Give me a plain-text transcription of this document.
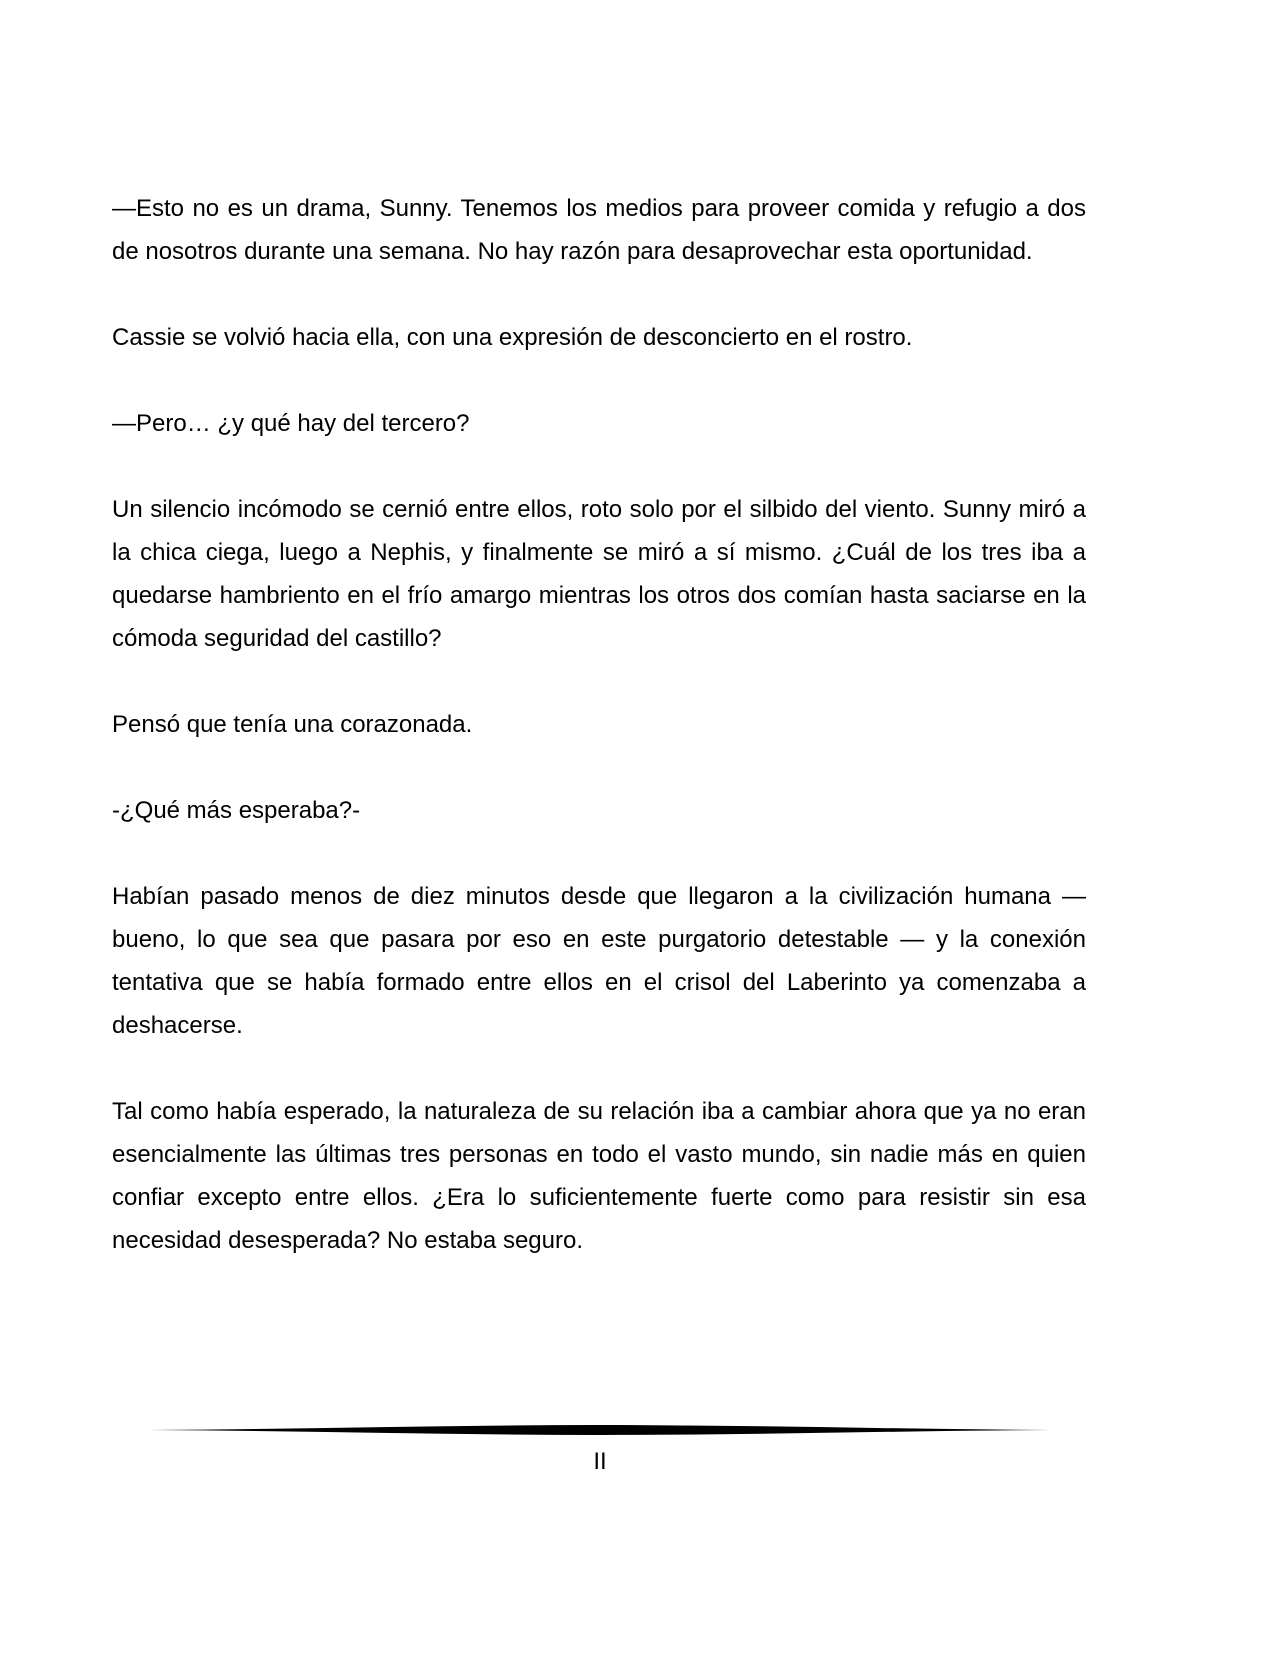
—Esto no es un drama, Sunny. Tenemos los medios para proveer comida y refugio a dos de nosotros durante una semana. No hay razón para desaprovechar esta oportunidad.

Cassie se volvió hacia ella, con una expresión de desconcierto en el rostro.

—Pero… ¿y qué hay del tercero?

Un silencio incómodo se cernió entre ellos, roto solo por el silbido del viento. Sunny miró a la chica ciega, luego a Nephis, y finalmente se miró a sí mismo. ¿Cuál de los tres iba a quedarse hambriento en el frío amargo mientras los otros dos comían hasta saciarse en la cómoda seguridad del castillo?

Pensó que tenía una corazonada.

-¿Qué más esperaba?-

Habían pasado menos de diez minutos desde que llegaron a la civilización humana — bueno, lo que sea que pasara por eso en este purgatorio detestable — y la conexión tentativa que se había formado entre ellos en el crisol del Laberinto ya comenzaba a deshacerse.

Tal como había esperado, la naturaleza de su relación iba a cambiar ahora que ya no eran esencialmente las últimas tres personas en todo el vasto mundo, sin nadie más en quien confiar excepto entre ellos. ¿Era lo suficientemente fuerte como para resistir sin esa necesidad desesperada? No estaba seguro.

II
